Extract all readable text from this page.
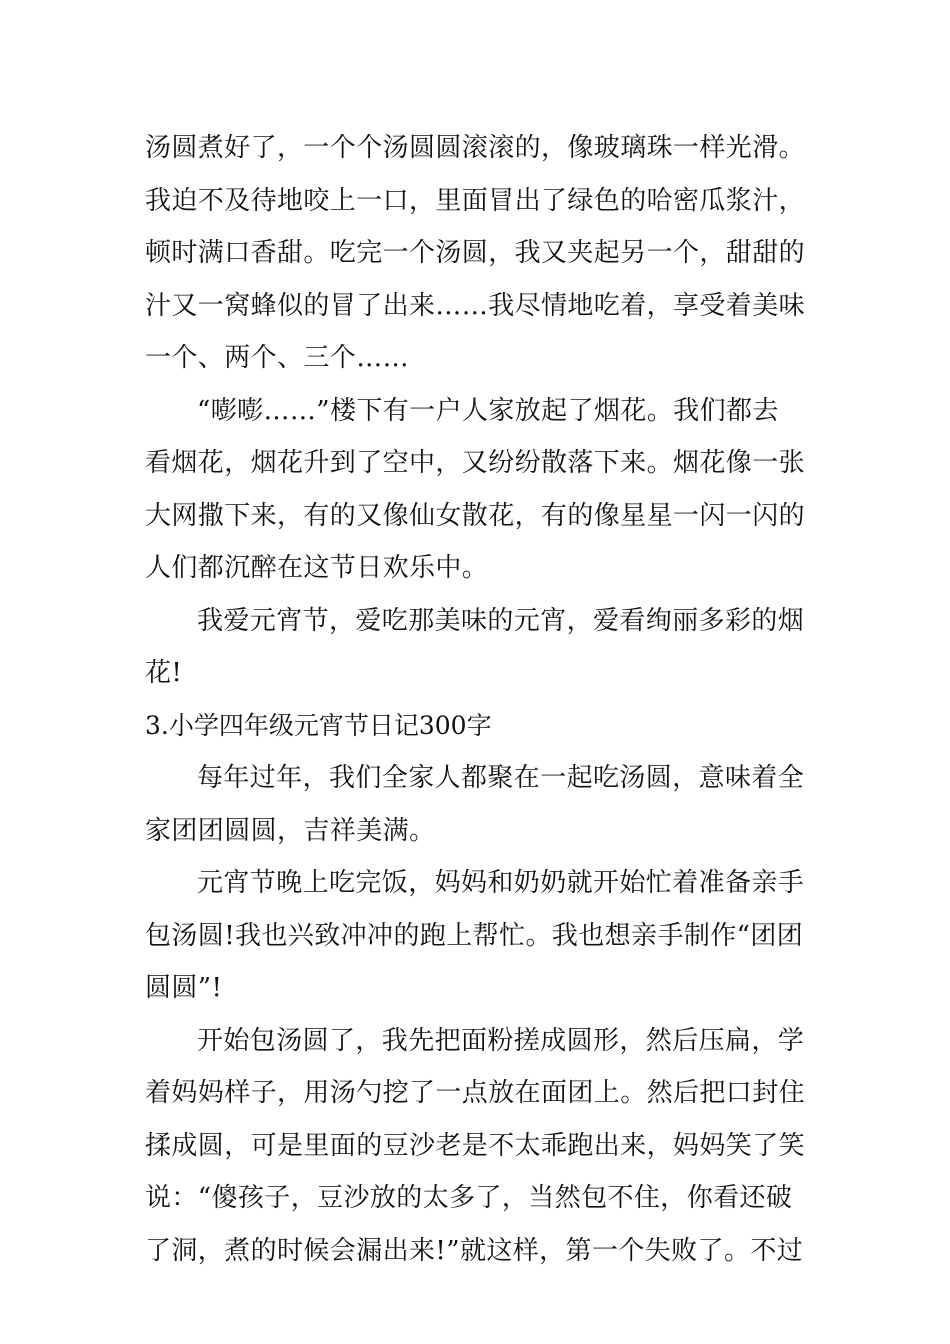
汤圆煮好了，一个个汤圆圆滚滚的，像玻璃珠一样光滑。
我迫不及待地咬上一口，里面冒出了绿色的哈密瓜浆汁，
顿时满口香甜。吃完一个汤圆，我又夹起另一个，甜甜的
汁又一窝蜂似的冒了出来……我尽情地吃着，享受着美味
一个、两个、三个……
“嘭嘭……”楼下有一户人家放起了烟花。我们都去
看烟花，烟花升到了空中，又纷纷散落下来。烟花像一张
大网撒下来，有的又像仙女散花，有的像星星一闪一闪的
人们都沉醉在这节日欢乐中。
我爱元宵节，爱吃那美味的元宵，爱看绚丽多彩的烟
花!
3.小学四年级元宵节日记300字
每年过年，我们全家人都聚在一起吃汤圆，意味着全
家团团圆圆，吉祥美满。
元宵节晚上吃完饭，妈妈和奶奶就开始忙着准备亲手
包汤圆!我也兴致冲冲的跑上帮忙。我也想亲手制作“团团
圆圆”!
开始包汤圆了，我先把面粉搓成圆形，然后压扁，学
着妈妈样子，用汤勺挖了一点放在面团上。然后把口封住
揉成圆，可是里面的豆沙老是不太乖跑出来，妈妈笑了笑
说：“傻孩子，豆沙放的太多了，当然包不住，你看还破
了洞，煮的时候会漏出来!”就这样，第一个失败了。不过
